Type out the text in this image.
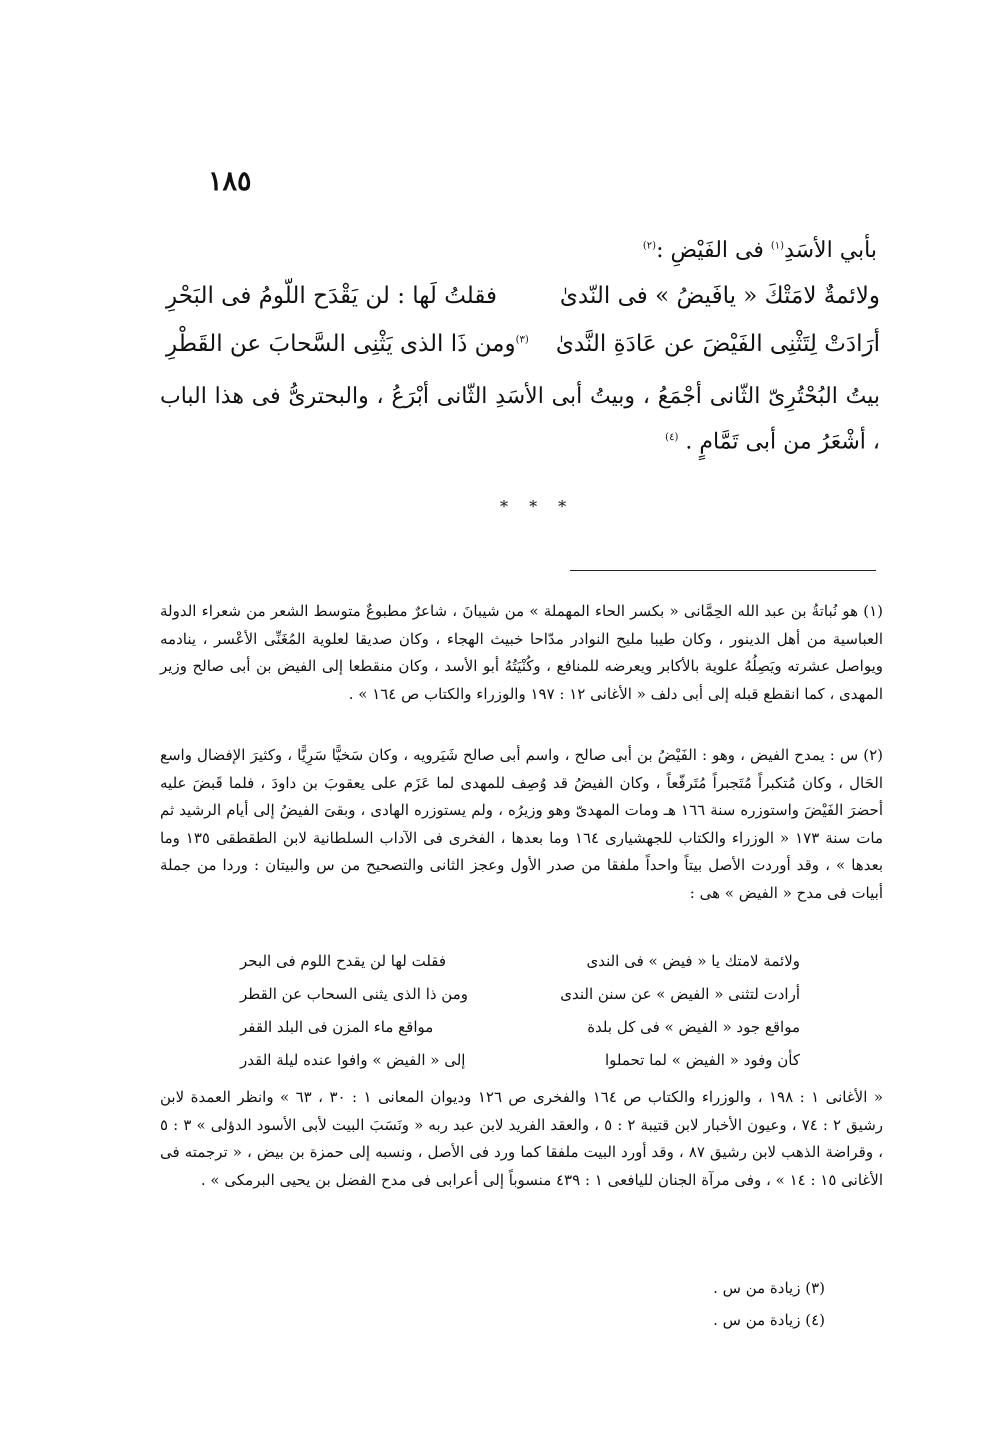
١٨٥
بأبي الأسَدِ$^{(١)}$ فى الفَيْضِ :$^{(٢)}$
ولائمةٌ لامَتْكَ « يافَيضُ » فى النّدىٰ
فقلتُ لَها : لن يَقْدَح اللّومُ فى البَحْرِ
أرَادَتْ لِتَثْنِى الفَيْضَ عن عَادَةِ النَّدىٰ
$^{(٣)}$ومن ذَا الذى يَثْنِى السَّحابَ عن القَطْرِ
بيتُ البُحْتُرِىّ الثّانى أجْمَعُ ، وبيتُ أبى الأسَدِ الثّانى أبْرَعُ ، والبحترىُّ فى هذا الباب ، أشْعَرُ من أبى تَمَّامٍ . $^{(٤)}$
* * *
(١) هو نُباتةُ بن عبد الله الحِمَّانى « بكسر الحاء المهملة » من شيبانَ ، شاعرٌ مطبوعٌ متوسط الشعر من شعراء الدولة العباسية من أهل الدينور ، وكان طيبا مليح النوادر مدّاحا خبيث الهجاء ، وكان صديقا لعلوية المُغَنِّى الأعْسر ، ينادمه ويواصل عشرته ويَصِلُهُ علوية بالأكابر ويعرضه للمنافع ، وكُنْيَتُهُ أبو الأسد ، وكان منقطعا إلى الفيض بن أبى صالح وزير المهدى ، كما انقطع قبله إلى أبى دلف « الأغانى ١٢ : ١٩٧ والوزراء والكتاب ص ١٦٤ » .
(٢) س : يمدح الفيض ، وهو : الفَيْضُ بن أبى صالح ، واسم أبى صالح شَيَرويه ، وكان سَخيًّا سَرِيًّا ، وكثيرَ الإفضال واسع الحَال ، وكان مُتكبراً مُتَجبراً مُتَرفّعاً ، وكان الفيضُ قد وُصِف للمهدى لما عَزَم على يعقوبَ بن داودَ ، فلما قَبضَ عليه أحضرَ الفَيْضَ واستوزره سنة ١٦٦ هـ ومات المهدىّ وهو وزيرُه ، ولم يستوزره الهادى ، وبقىَ الفيضُ إلى أيام الرشيد ثم مات سنة ١٧٣ « الوزراء والكتاب للجهشيارى ١٦٤ وما بعدها ، الفخرى فى الآداب السلطانية لابن الطقطقى ١٣٥ وما بعدها » ، وقد أوردت الأصل بيتاً واحداً ملفقا من صدر الأول وعجز الثانى والتصحيح من س والبيتان : وردا من جملة أبيات فى مدح « الفيض » هى :
ولائمة لامتك يا « فيض » فى الندى
فقلت لها لن يقدح اللوم فى البحر
أرادت لتثنى « الفيض » عن سنن الندى
ومن ذا الذى يثنى السحاب عن القطر
مواقع جود « الفيض » فى كل بلدة
مواقع ماء المزن فى البلد القفر
كأن وفود « الفيض » لما تحملوا
إلى « الفيض » وافوا عنده ليلة القدر
« الأغانى ١ : ١٩٨ ، والوزراء والكتاب ص ١٦٤ والفخرى ص ١٢٦ وديوان المعانى ١ : ٣٠ ، ٦٣ » وانظر العمدة لابن رشيق ٢ : ٧٤ ، وعيون الأخبار لابن قتيبة ٢ : ٥ ، والعقد الفريد لابن عبد ربه « ونَسَبَ البيت لأبى الأسود الدؤلى » ٣ : ٥ ، وقراضة الذهب لابن رشيق ٨٧ ، وقد أورد البيت ملفقا كما ورد فى الأصل ، ونسبه إلى حمزة بن بيض ، « ترجمته فى الأغانى ١٥ : ١٤ » ، وفى مرآة الجنان لليافعى ١ : ٤٣٩ منسوباً إلى أعرابى فى مدح الفضل بن يحيى البرمكى » .
(٣) زيادة من س .
(٤) زيادة من س .
